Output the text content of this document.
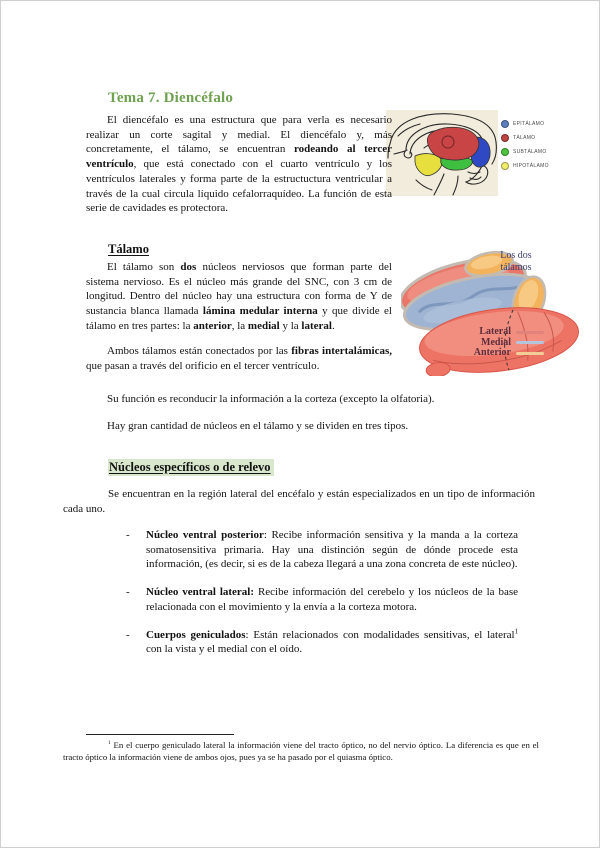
Tema 7. Diencéfalo
EPITÁLAMO
TÁLAMO
SUBTÁLAMO
HIPOTÁLAMO

El diencéfalo es una estructura que para verla es necesario realizar un corte sagital y medial. El diencéfalo y, más concretamente, el tálamo, se encuentran rodeando al tercer ventrículo, que está conectado con el cuarto ventrículo y los ventrículos laterales y forma parte de la estructuctura ventricular a través de la cual circula líquido cefalorraquídeo. La función de esta serie de cavidades es protectora.

Tálamo	Los dos tálamos
Lateral
Medial
Anterior

El tálamo son dos núcleos nerviosos que forman parte del sistema nervioso. Es el núcleo más grande del SNC, con 3 cm de longitud. Dentro del núcleo hay una estructura con forma de Y de sustancia blanca llamada lámina medular interna y que divide el tálamo en tres partes: la anterior, la medial y la lateral.

Ambos tálamos están conectados por las fibras intertalámicas, que pasan a través del orificio en el tercer ventrículo.

Su función es reconducir la información a la corteza (excepto la olfatoria).

Hay gran cantidad de núcleos en el tálamo y se dividen en tres tipos.

Núcleos específicos o de relevo

Se encuentran en la región lateral del encéfalo y están especializados en un tipo de información cada uno.

- Núcleo ventral posterior: Recibe información sensitiva y la manda a la corteza somatosensitiva primaria. Hay una distinción según de dónde procede esta información, (es decir, si es de la cabeza llegará a una zona concreta de este núcleo).
- Núcleo ventral lateral: Recibe información del cerebelo y los núcleos de la base relacionada con el movimiento y la envía a la corteza motora.
- Cuerpos geniculados: Están relacionados con modalidades sensitivas, el lateral$^1$ con la vista y el medial con el oído.

$^1$ En el cuerpo geniculado lateral la información viene del tracto óptico, no del nervio óptico. La diferencia es que en el tracto óptico la información viene de ambos ojos, pues ya se ha pasado por el quiasma óptico.
